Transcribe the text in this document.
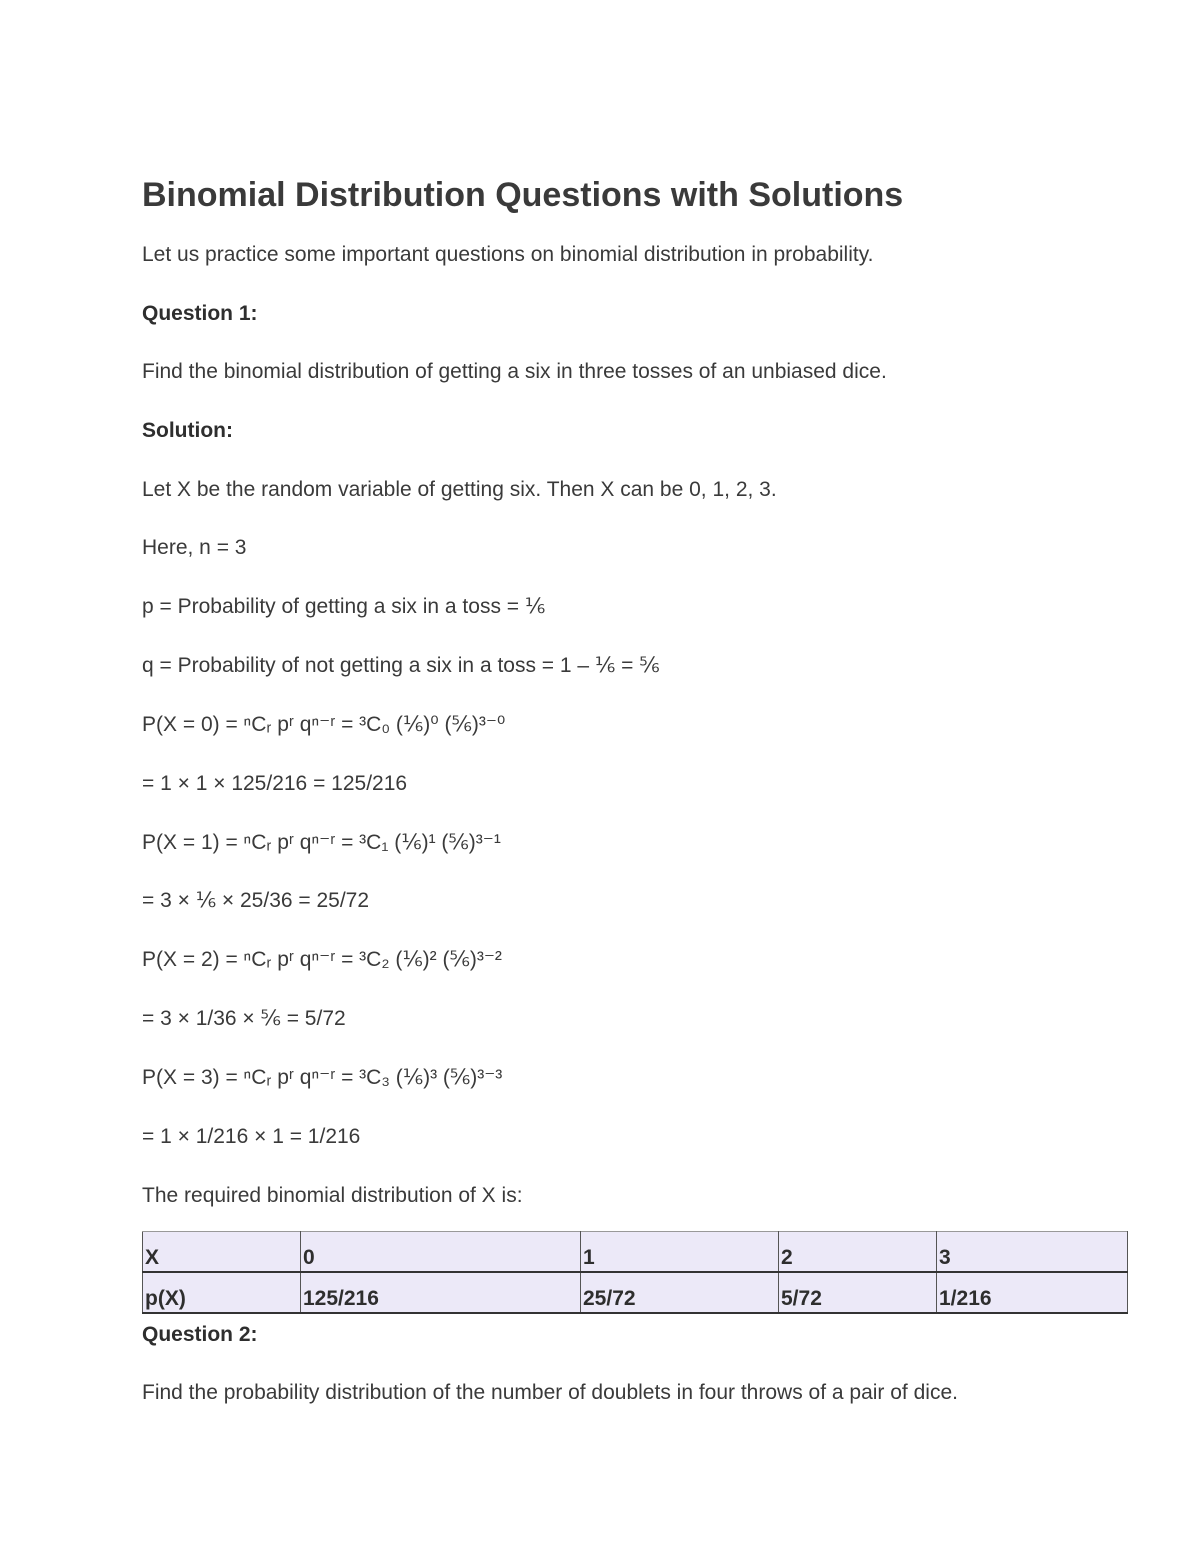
Binomial Distribution Questions with Solutions

Let us practice some important questions on binomial distribution in probability.

Question 1:

Find the binomial distribution of getting a six in three tosses of an unbiased dice.

Solution:

Let X be the random variable of getting six. Then X can be 0, 1, 2, 3.

Here, n = 3

p = Probability of getting a six in a toss = ⅙

q = Probability of not getting a six in a toss = 1 – ⅙ = ⅚

P(X = 0) = ⁿCᵣ pʳ qⁿ⁻ʳ = ³C₀ (⅙)⁰ (⅚)³⁻⁰

= 1 × 1 × 125/216 = 125/216

P(X = 1) = ⁿCᵣ pʳ qⁿ⁻ʳ = ³C₁ (⅙)¹ (⅚)³⁻¹

= 3 × ⅙ × 25/36 = 25/72

P(X = 2) = ⁿCᵣ pʳ qⁿ⁻ʳ = ³C₂ (⅙)² (⅚)³⁻²

= 3 × 1/36 × ⅚ = 5/72

P(X = 3) = ⁿCᵣ pʳ qⁿ⁻ʳ = ³C₃ (⅙)³ (⅚)³⁻³

= 1 × 1/216 × 1 = 1/216

The required binomial distribution of X is:

X	0	1	2	3
p(X)	125/216	25/72	5/72	1/216

Question 2:

Find the probability distribution of the number of doublets in four throws of a pair of dice.
